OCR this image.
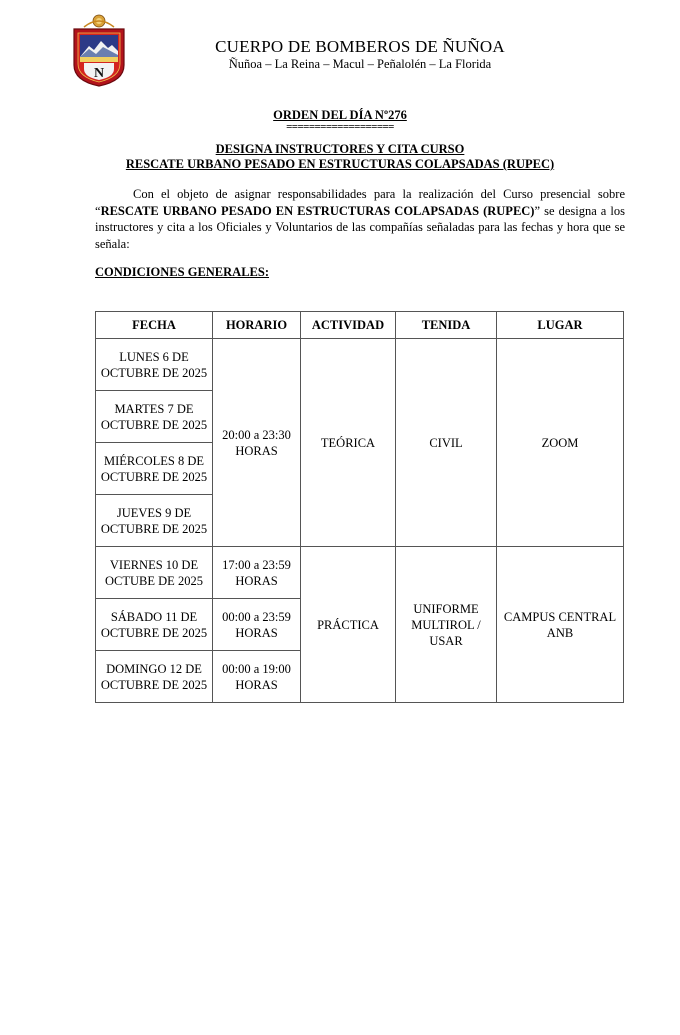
N
CUERPO DE BOMBEROS DE ÑUÑOA
Ñuñoa – La Reina – Macul – Peñalolén – La Florida
ORDEN DEL DÍA Nº276
===================
DESIGNA INSTRUCTORES Y CITA CURSO
RESCATE URBANO PESADO EN ESTRUCTURAS COLAPSADAS (RUPEC)
Con el objeto de asignar responsabilidades para la realización del Curso presencial sobre “RESCATE URBANO PESADO EN ESTRUCTURAS COLAPSADAS (RUPEC)” se designa a los instructores y cita a los Oficiales y Voluntarios de las compañías señaladas para las fechas y hora que se señala:
CONDICIONES GENERALES:
FECHA	HORARIO	ACTIVIDAD	TENIDA	LUGAR
LUNES 6 DE OCTUBRE DE 2025	20:00 a 23:30 HORAS	TEÓRICA	CIVIL	ZOOM
MARTES 7 DE OCTUBRE DE 2025				
MIÉRCOLES 8 DE OCTUBRE DE 2025				
JUEVES 9 DE OCTUBRE DE 2025				
VIERNES 10 DE OCTUBE DE 2025	17:00 a 23:59 HORAS	PRÁCTICA	UNIFORME MULTIROL / USAR	CAMPUS CENTRAL ANB
SÁBADO 11 DE OCTUBRE DE 2025	00:00 a 23:59 HORAS			
DOMINGO 12 DE OCTUBRE DE 2025	00:00 a 19:00 HORAS			
